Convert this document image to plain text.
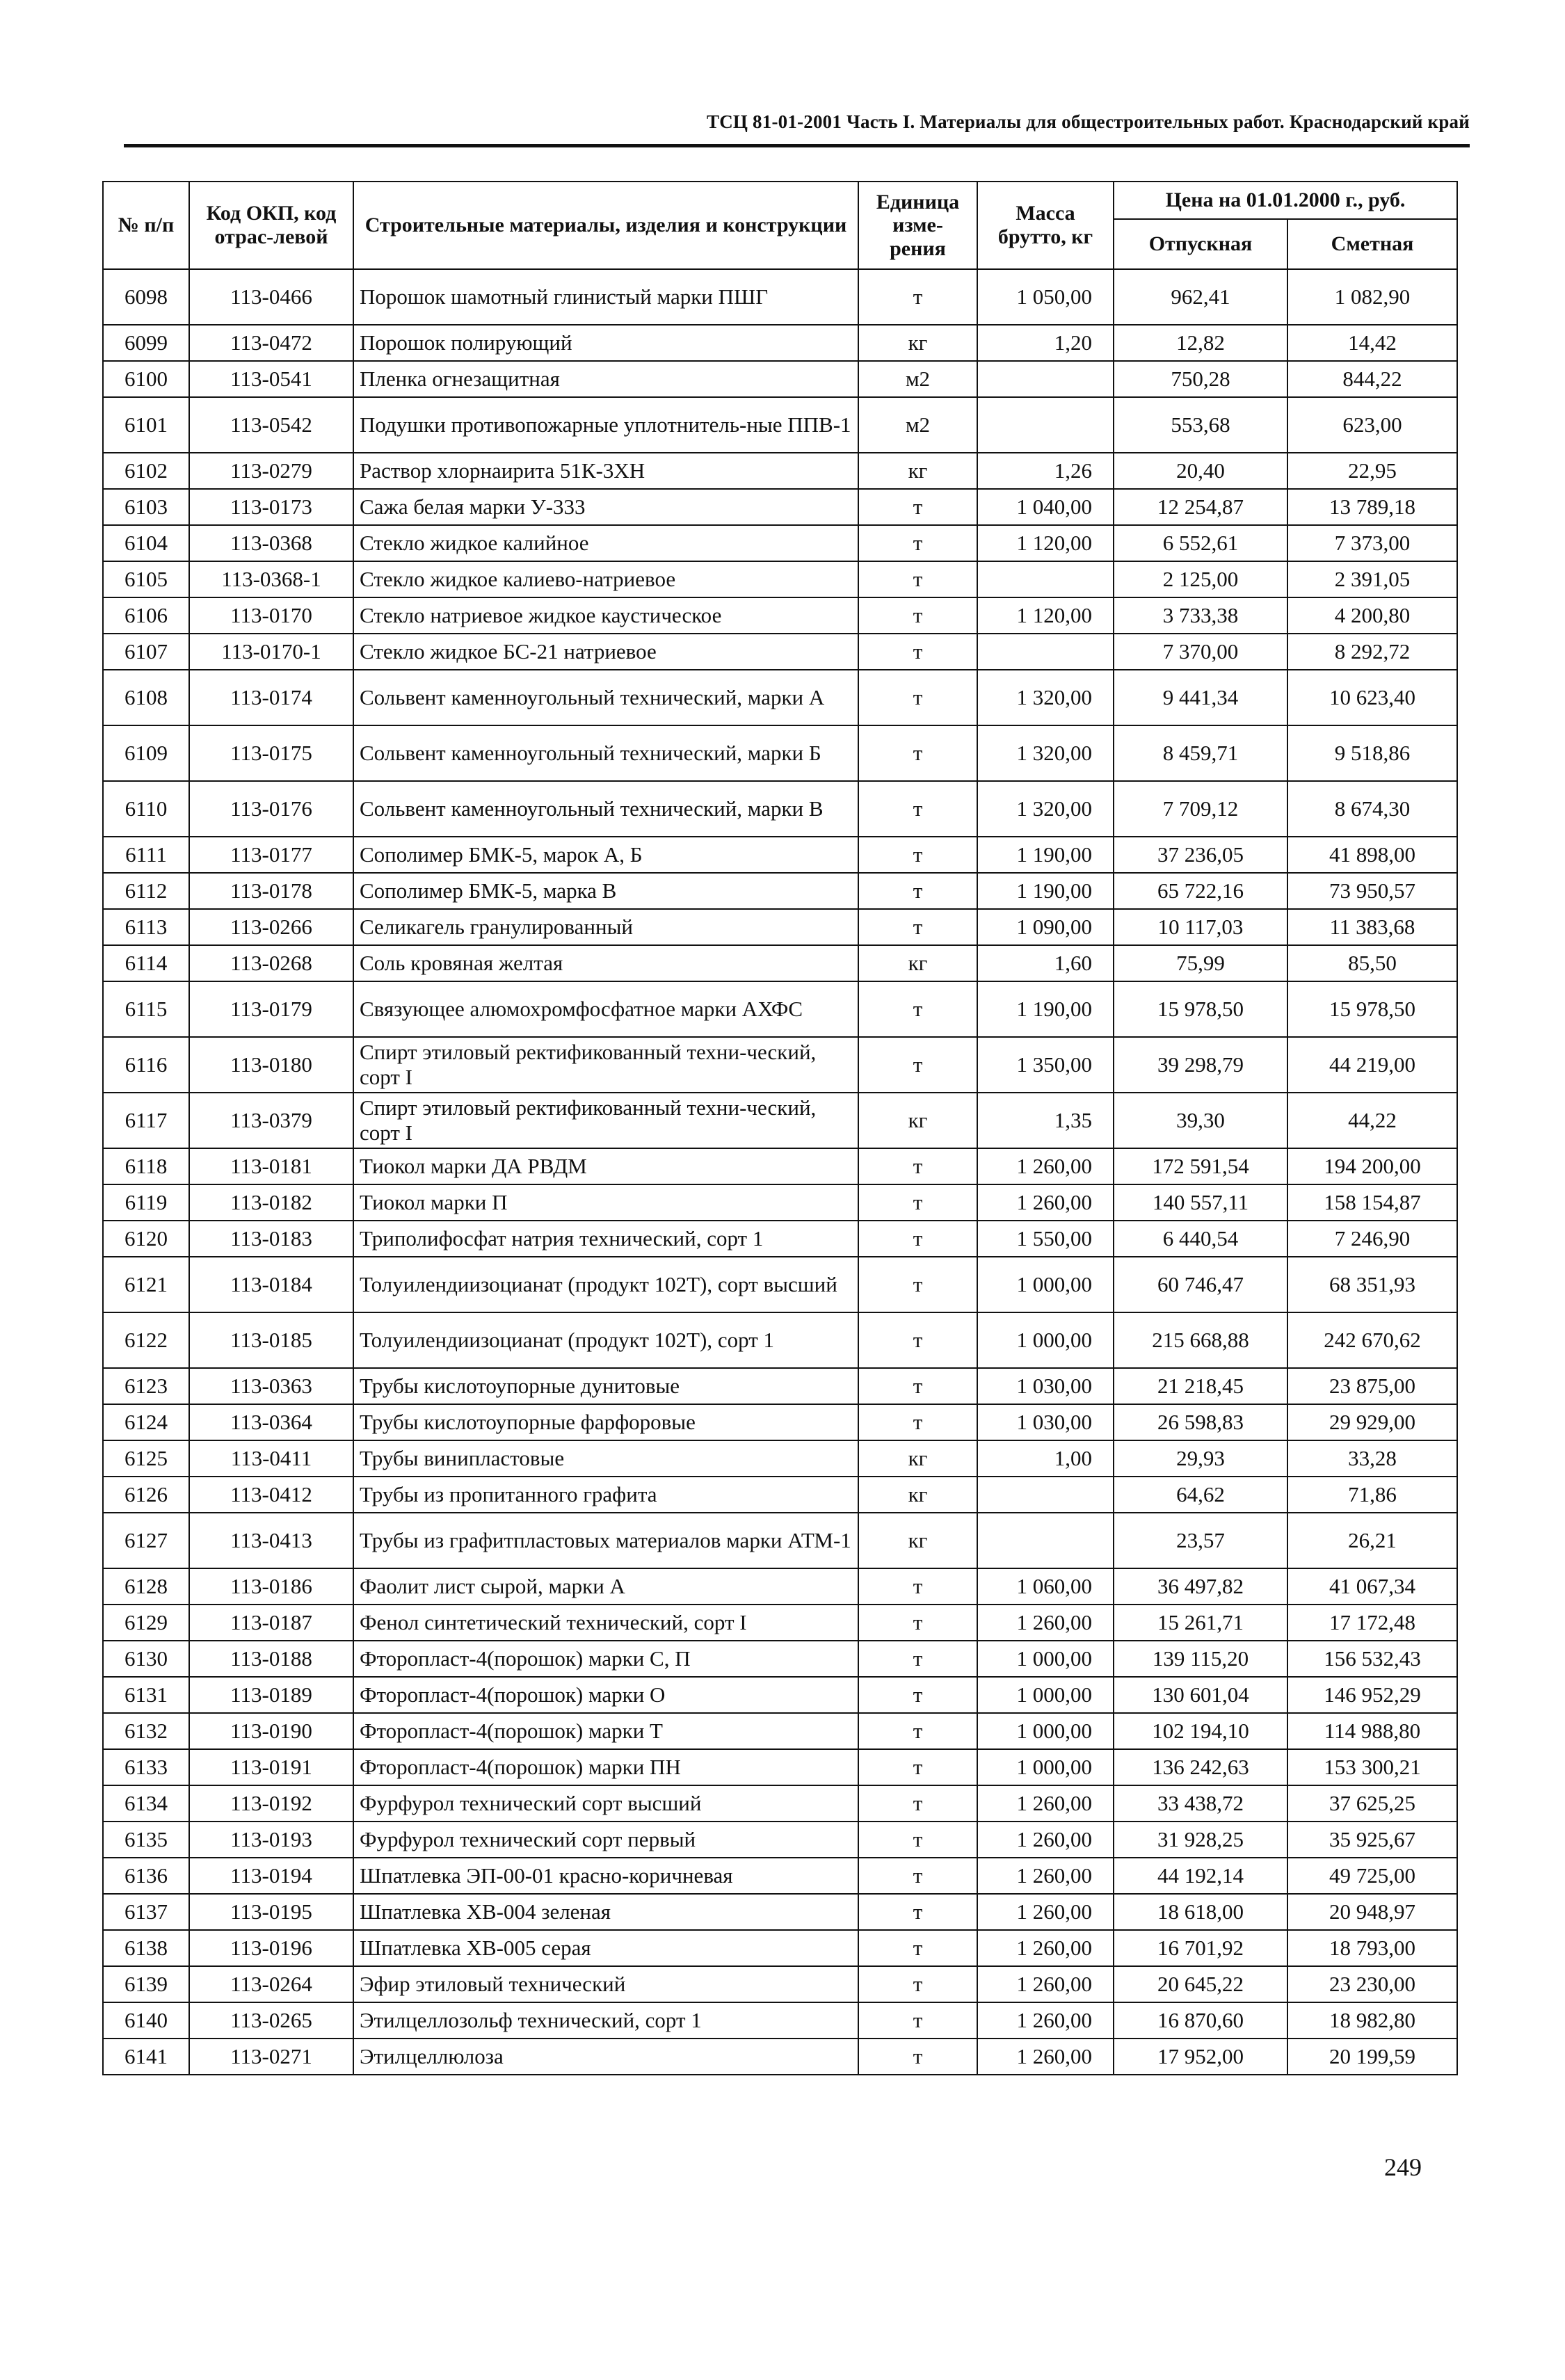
ТСЦ 81-01-2001 Часть I. Материалы для общестроительных работ. Краснодарский край
№ п/п	Код ОКП, код отрас-левой	Строительные материалы, изделия и конструкции	Единица изме-рения	Масса брутто, кг	Цена на 01.01.2000 г., руб.	
					Отпускная	Сметная
6098	113-0466	Порошок шамотный глинистый марки ПШГ	т	1 050,00	962,41	1 082,90
6099	113-0472	Порошок полирующий	кг	1,20	12,82	14,42
6100	113-0541	Пленка огнезащитная	м2		750,28	844,22
6101	113-0542	Подушки противопожарные уплотнитель-ные ППВ-1	м2		553,68	623,00
6102	113-0279	Раствор хлорнаирита 51К-3ХН	кг	1,26	20,40	22,95
6103	113-0173	Сажа белая марки У-333	т	1 040,00	12 254,87	13 789,18
6104	113-0368	Стекло жидкое калийное	т	1 120,00	6 552,61	7 373,00
6105	113-0368-1	Стекло жидкое калиево-натриевое	т		2 125,00	2 391,05
6106	113-0170	Стекло натриевое жидкое каустическое	т	1 120,00	3 733,38	4 200,80
6107	113-0170-1	Стекло жидкое БС-21 натриевое	т		7 370,00	8 292,72
6108	113-0174	Сольвент каменноугольный технический, марки А	т	1 320,00	9 441,34	10 623,40
6109	113-0175	Сольвент каменноугольный технический, марки Б	т	1 320,00	8 459,71	9 518,86
6110	113-0176	Сольвент каменноугольный технический, марки В	т	1 320,00	7 709,12	8 674,30
6111	113-0177	Сополимер БМК-5, марок А, Б	т	1 190,00	37 236,05	41 898,00
6112	113-0178	Сополимер БМК-5, марка В	т	1 190,00	65 722,16	73 950,57
6113	113-0266	Селикагель гранулированный	т	1 090,00	10 117,03	11 383,68
6114	113-0268	Соль кровяная желтая	кг	1,60	75,99	85,50
6115	113-0179	Связующее алюмохромфосфатное марки АХФС	т	1 190,00	15 978,50	15 978,50
6116	113-0180	Спирт этиловый ректификованный техни-ческий, сорт I	т	1 350,00	39 298,79	44 219,00
6117	113-0379	Спирт этиловый ректификованный техни-ческий, сорт I	кг	1,35	39,30	44,22
6118	113-0181	Тиокол марки ДА РВДМ	т	1 260,00	172 591,54	194 200,00
6119	113-0182	Тиокол марки П	т	1 260,00	140 557,11	158 154,87
6120	113-0183	Триполифосфат натрия технический, сорт 1	т	1 550,00	6 440,54	7 246,90
6121	113-0184	Толуилендиизоцианат (продукт 102Т), сорт высший	т	1 000,00	60 746,47	68 351,93
6122	113-0185	Толуилендиизоцианат (продукт 102Т), сорт 1	т	1 000,00	215 668,88	242 670,62
6123	113-0363	Трубы кислотоупорные дунитовые	т	1 030,00	21 218,45	23 875,00
6124	113-0364	Трубы кислотоупорные фарфоровые	т	1 030,00	26 598,83	29 929,00
6125	113-0411	Трубы винипластовые	кг	1,00	29,93	33,28
6126	113-0412	Трубы из пропитанного графита	кг		64,62	71,86
6127	113-0413	Трубы из графитпластовых материалов марки АТМ-1	кг		23,57	26,21
6128	113-0186	Фаолит лист сырой, марки А	т	1 060,00	36 497,82	41 067,34
6129	113-0187	Фенол синтетический технический, сорт I	т	1 260,00	15 261,71	17 172,48
6130	113-0188	Фторопласт-4(порошок) марки С, П	т	1 000,00	139 115,20	156 532,43
6131	113-0189	Фторопласт-4(порошок) марки О	т	1 000,00	130 601,04	146 952,29
6132	113-0190	Фторопласт-4(порошок) марки Т	т	1 000,00	102 194,10	114 988,80
6133	113-0191	Фторопласт-4(порошок) марки ПН	т	1 000,00	136 242,63	153 300,21
6134	113-0192	Фурфурол технический сорт высший	т	1 260,00	33 438,72	37 625,25
6135	113-0193	Фурфурол технический сорт первый	т	1 260,00	31 928,25	35 925,67
6136	113-0194	Шпатлевка ЭП-00-01 красно-коричневая	т	1 260,00	44 192,14	49 725,00
6137	113-0195	Шпатлевка ХВ-004 зеленая	т	1 260,00	18 618,00	20 948,97
6138	113-0196	Шпатлевка ХВ-005 серая	т	1 260,00	16 701,92	18 793,00
6139	113-0264	Эфир этиловый технический	т	1 260,00	20 645,22	23 230,00
6140	113-0265	Этилцеллозольф технический, сорт 1	т	1 260,00	16 870,60	18 982,80
6141	113-0271	Этилцеллюлоза	т	1 260,00	17 952,00	20 199,59
249
